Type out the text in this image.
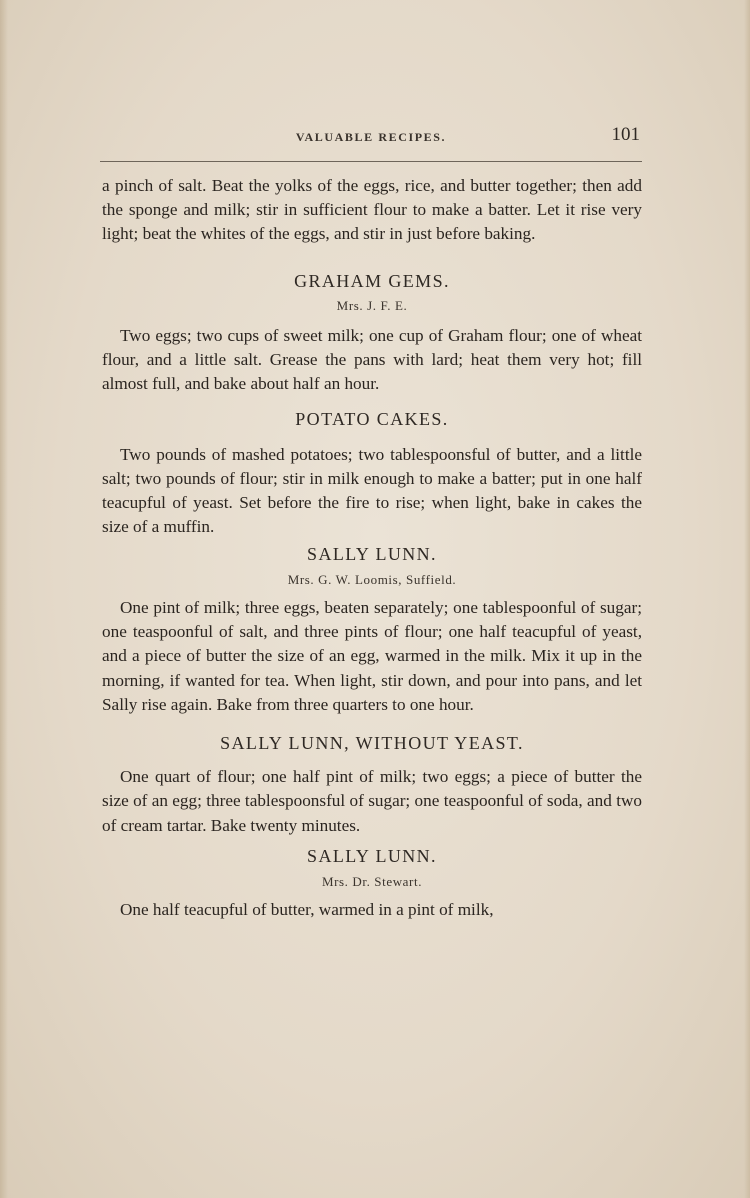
VALUABLE RECIPES.	101

a pinch of salt. Beat the yolks of the eggs, rice, and butter together; then add the sponge and milk; stir in sufficient flour to make a batter. Let it rise very light; beat the whites of the eggs, and stir in just before baking.

GRAHAM GEMS.
Mrs. J. F. E.

Two eggs; two cups of sweet milk; one cup of Graham flour; one of wheat flour, and a little salt. Grease the pans with lard; heat them very hot; fill almost full, and bake about half an hour.

POTATO CAKES.

Two pounds of mashed potatoes; two tablespoonsful of butter, and a little salt; two pounds of flour; stir in milk enough to make a batter; put in one half teacupful of yeast. Set before the fire to rise; when light, bake in cakes the size of a muffin.

SALLY LUNN.
Mrs. G. W. Loomis, Suffield.

One pint of milk; three eggs, beaten separately; one tablespoonful of sugar; one teaspoonful of salt, and three pints of flour; one half teacupful of yeast, and a piece of butter the size of an egg, warmed in the milk. Mix it up in the morning, if wanted for tea. When light, stir down, and pour into pans, and let Sally rise again. Bake from three quarters to one hour.

SALLY LUNN, WITHOUT YEAST.

One quart of flour; one half pint of milk; two eggs; a piece of butter the size of an egg; three tablespoonsful of sugar; one teaspoonful of soda, and two of cream tartar. Bake twenty minutes.

SALLY LUNN.
Mrs. Dr. Stewart.

One half teacupful of butter, warmed in a pint of milk,
